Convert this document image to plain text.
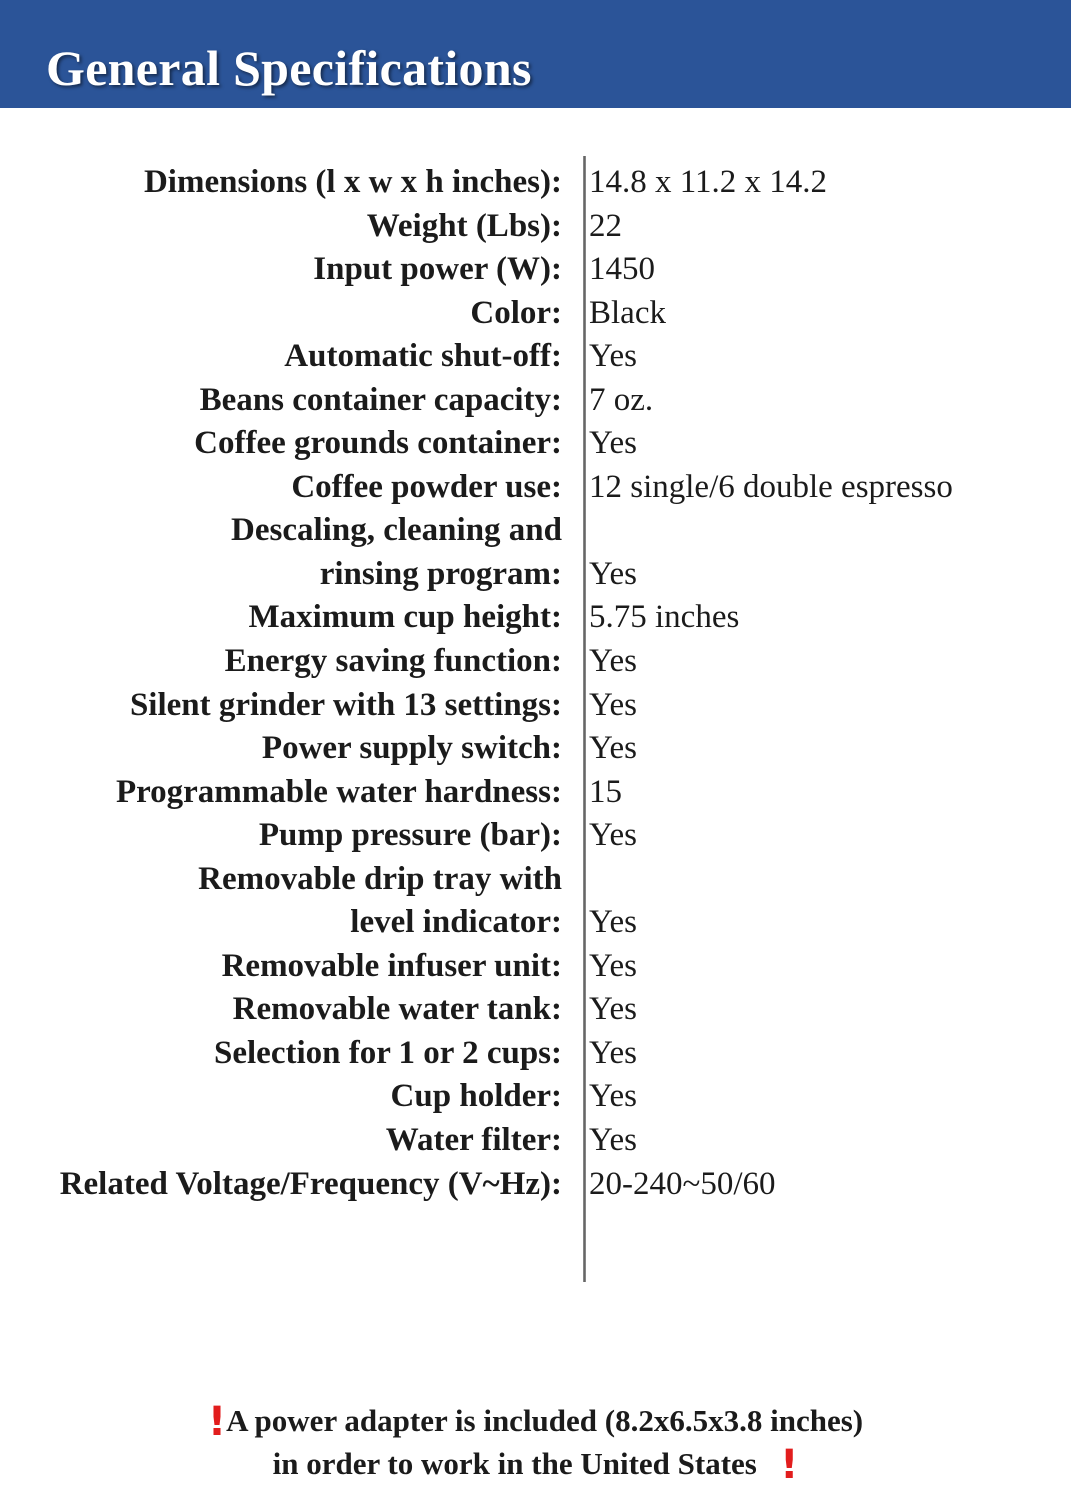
General Specifications
Dimensions (l x w x h inches): 14.8 x 11.2 x 14.2
Weight (Lbs): 22
Input power (W): 1450
Color: Black
Automatic shut-off: Yes
Beans container capacity: 7 oz.
Coffee grounds container: Yes
Coffee powder use: 12 single/6 double espresso
Descaling, cleaning and
rinsing program: Yes
Maximum cup height: 5.75 inches
Energy saving function: Yes
Silent grinder with 13 settings: Yes
Power supply switch: Yes
Programmable water hardness: 15
Pump pressure (bar): Yes
Removable drip tray with
level indicator: Yes
Removable infuser unit: Yes
Removable water tank: Yes
Selection for 1 or 2 cups: Yes
Cup holder: Yes
Water filter: Yes
Related Voltage/Frequency (V~Hz): 20-240~50/60
!A power adapter is included (8.2x6.5x3.8 inches)
in order to work in the United States !
